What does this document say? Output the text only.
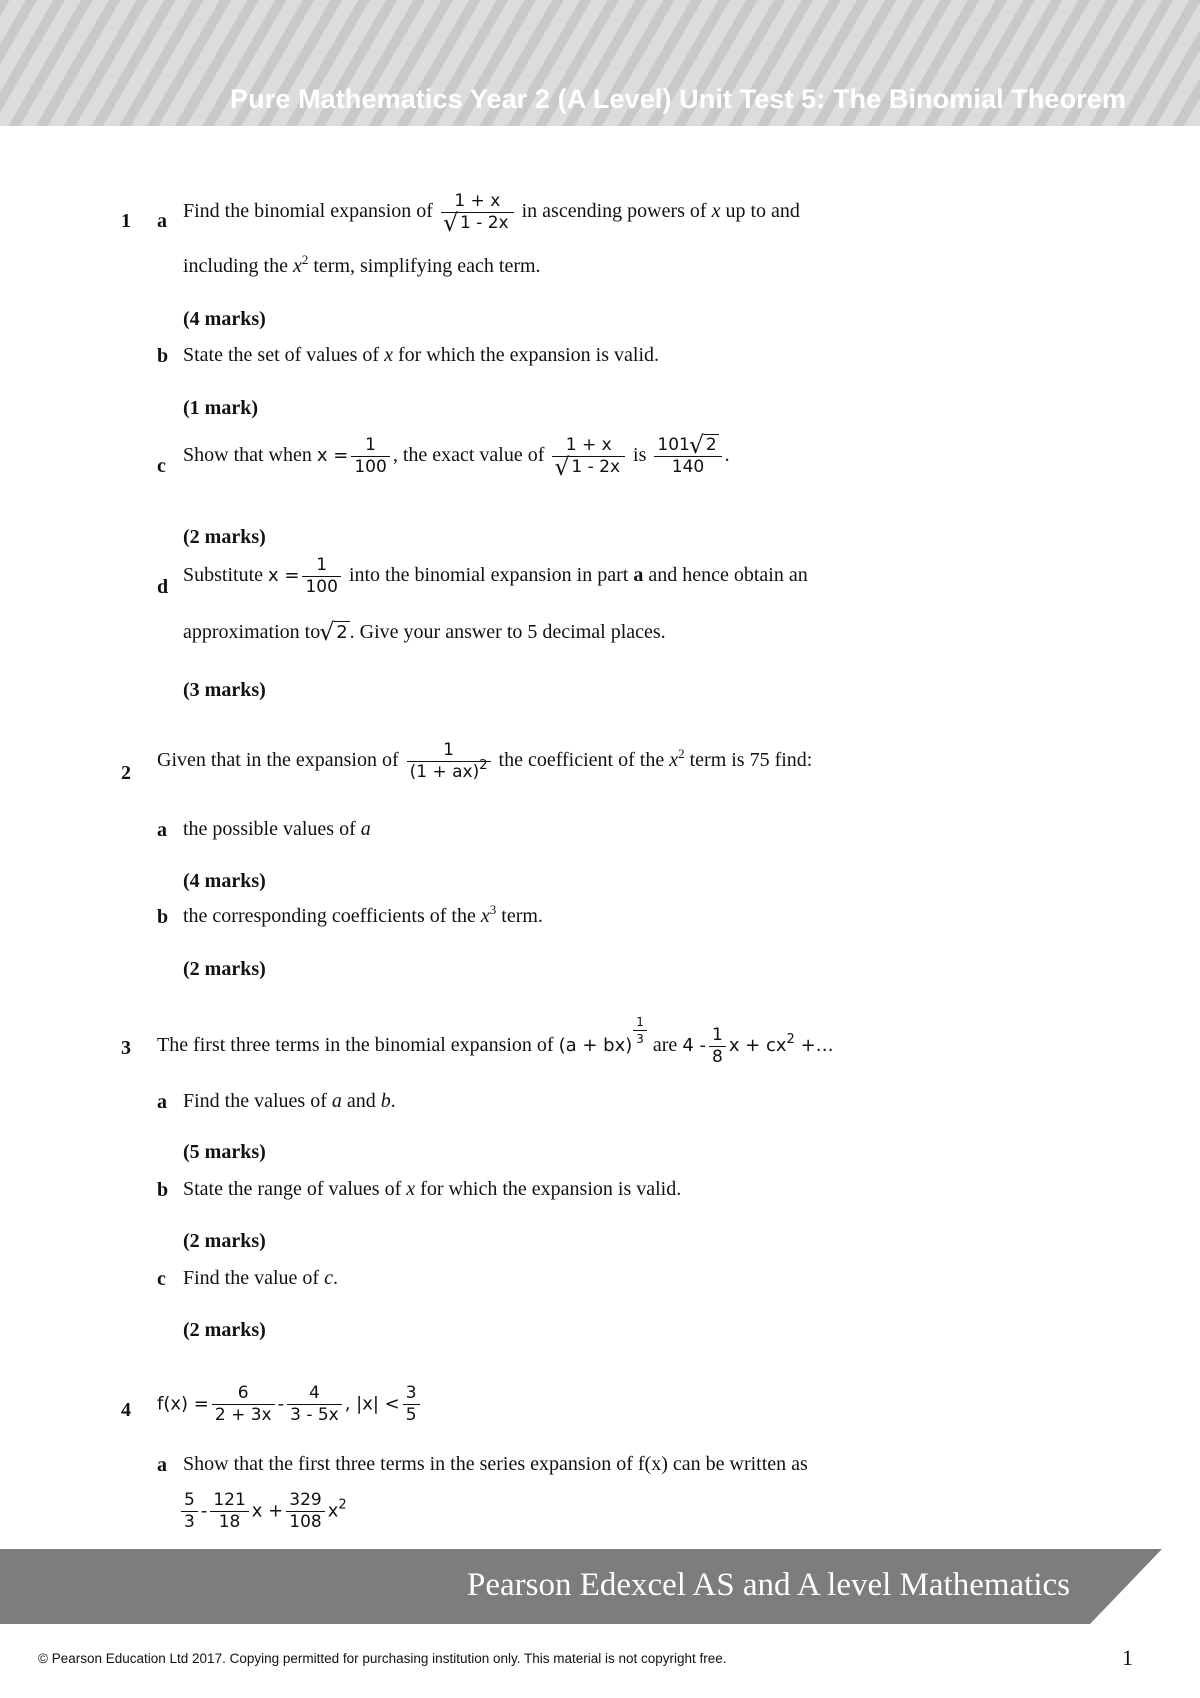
Pure Mathematics Year 2 (A Level) Unit Test 5: The Binomial Theorem
1 a Find the binomial expansion of 1 + x
√ 1 - 2x in ascending powers of x up to and
including the $x^2$ term, simplifying each term.
(4 marks)
b State the set of values of x for which the expansion is valid.
(1 mark)
c Show that when $x = \frac{1}{100}$ , the exact value of 1 + x
√ 1 - 2x is $\frac{101 √ 2}{140}$ .
(2 marks)
d
Substitute $x = \frac{1}{100}$ into the binomial expansion in part a and hence obtain an
approximation to √ 2 . Give your answer to 5 decimal places.
(3 marks)
2
Given that in the expansion of $\frac{1}{(1 + ax)^2}$ the coefficient of the $x^2$ term is 75 find:
a the possible values of a
(4 marks)
b the corresponding coefficients of the $x^3$ term.
(2 marks)
3 The first three terms in the binomial expansion of (a + bx)
$\frac{1}{3}$ are $4 - \frac{1}{8}$ $x + cx^2$ +…
a Find the values of a and b.
(5 marks)
b State the range of values of x for which the expansion is valid.
(2 marks)
c Find the value of c.
(2 marks)
4 $f(x) = \frac{6}{2 + 3x} - \frac{4}{3 - 5x}$ , $|x| < \frac{3}{5}$
a Show that the first three terms in the series expansion of f(x) can be written as
$\frac{5}{3} - \frac{121}{18}$ $x + \frac{329}{108} x^2$
Pearson Edexcel AS and A level Mathematics
© Pearson Education Ltd 2017. Copying permitted for purchasing institution only. This material is not copyright free.	1
